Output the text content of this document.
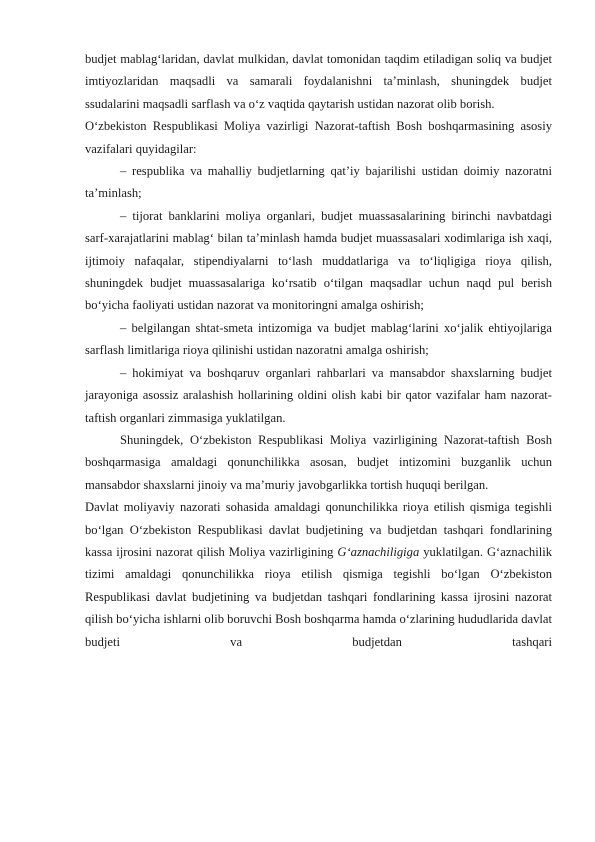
budjet mablag‘laridan, davlat mulkidan, davlat tomonidan taqdim etiladigan soliq va budjet imtiyozlaridan maqsadli va samarali foydalanishni ta’minlash, shuningdek budjet ssudalarini maqsadli sarflash va o‘z vaqtida qaytarish ustidan nazorat olib borish.

O‘zbekiston Respublikasi Moliya vazirligi Nazorat-taftish Bosh boshqarmasining asosiy vazifalari quyidagilar:

– respublika va mahalliy budjetlarning qat’iy bajarilishi ustidan doimiy nazoratni ta’minlash;

– tijorat banklarini moliya organlari, budjet muassasalarining birinchi navbatdagi sarf-xarajatlarini mablag‘ bilan ta’minlash hamda budjet muassasalari xodimlariga ish xaqi, ijtimoiy nafaqalar, stipendiyalarni to‘lash muddatlariga va to‘liqligiga rioya qilish, shuningdek budjet muassasalariga ko‘rsatib o‘tilgan maqsadlar uchun naqd pul berish bo‘yicha faoliyati ustidan nazorat va monitoringni amalga oshirish;

– belgilangan shtat-smeta intizomiga va budjet mablag‘larini xo‘jalik ehtiyojlariga sarflash limitlariga rioya qilinishi ustidan nazoratni amalga oshirish;

– hokimiyat va boshqaruv organlari rahbarlari va mansabdor shaxslarning budjet jarayoniga asossiz aralashish hollarining oldini olish kabi bir qator vazifalar ham nazorat-taftish organlari zimmasiga yuklatilgan.

Shuningdek, O‘zbekiston Respublikasi Moliya vazirligining Nazorat-taftish Bosh boshqarmasiga amaldagi qonunchilikka asosan, budjet intizomini buzganlik uchun mansabdor shaxslarni jinoiy va ma’muriy javobgarlikka tortish huquqi berilgan.

Davlat moliyaviy nazorati sohasida amaldagi qonunchilikka rioya etilish qismiga tegishli bo‘lgan O‘zbekiston Respublikasi davlat budjetining va budjetdan tashqari fondlarining kassa ijrosini nazorat qilish Moliya vazirligining G‘aznachiligiga yuklatilgan. G‘aznachilik tizimi amaldagi qonunchilikka rioya etilish qismiga tegishli bo‘lgan O‘zbekiston Respublikasi davlat budjetining va budjetdan tashqari fondlarining kassa ijrosini nazorat qilish bo‘yicha ishlarni olib boruvchi Bosh boshqarma hamda o‘zlarining hududlarida davlat budjeti va budjetdan tashqari
